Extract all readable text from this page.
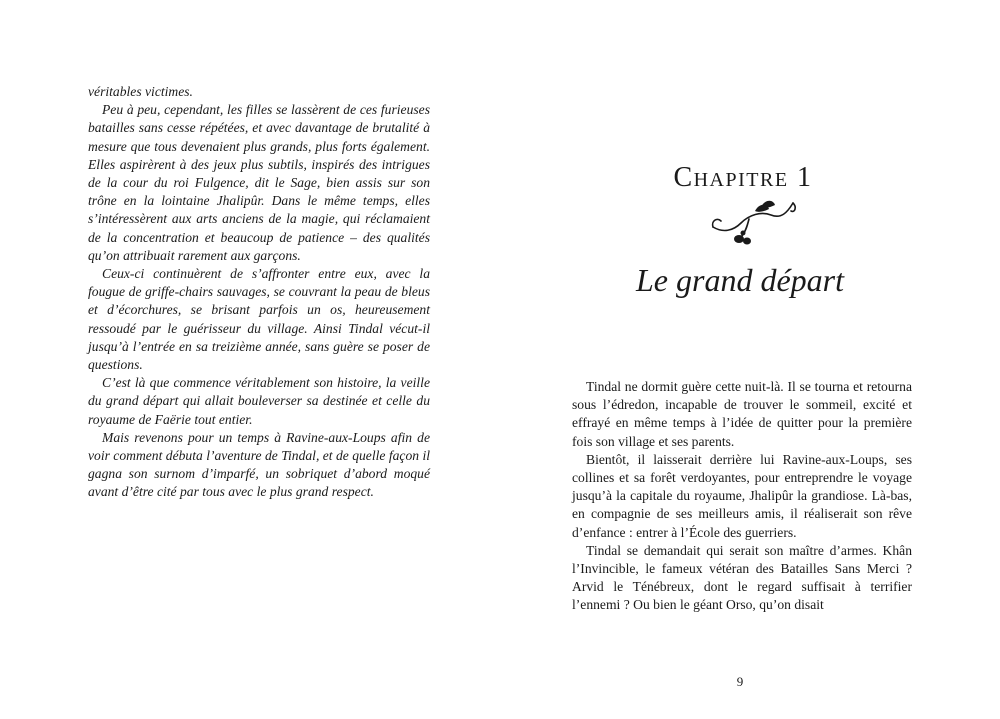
véritables victimes.

Peu à peu, cependant, les filles se lassèrent de ces furieuses batailles sans cesse répétées, et avec davantage de brutalité à mesure que tous devenaient plus grands, plus forts également. Elles aspirèrent à des jeux plus subtils, inspirés des intrigues de la cour du roi Fulgence, dit le Sage, bien assis sur son trône en la lointaine Jhalipûr. Dans le même temps, elles s’intéressèrent aux arts anciens de la magie, qui réclamaient de la concentration et beaucoup de patience – des qualités qu’on attribuait rarement aux garçons.

Ceux-ci continuèrent de s’affronter entre eux, avec la fougue de griffe-chairs sauvages, se couvrant la peau de bleus et d’écorchures, se brisant parfois un os, heureusement ressoudé par le guérisseur du village. Ainsi Tindal vécut-il jusqu’à l’entrée en sa treizième année, sans guère se poser de questions.

C’est là que commence véritablement son histoire, la veille du grand départ qui allait bouleverser sa destinée et celle du royaume de Faërie tout entier.

Mais revenons pour un temps à Ravine-aux-Loups afin de voir comment débuta l’aventure de Tindal, et de quelle façon il gagna son surnom d’imparfé, un sobriquet d’abord moqué avant d’être cité par tous avec le plus grand respect.

Chapitre 1
Le grand départ

Tindal ne dormit guère cette nuit-là. Il se tourna et retourna sous l’édredon, incapable de trouver le sommeil, excité et effrayé en même temps à l’idée de quitter pour la première fois son village et ses parents.

Bientôt, il laisserait derrière lui Ravine-aux-Loups, ses collines et sa forêt verdoyantes, pour entreprendre le voyage jusqu’à la capitale du royaume, Jhalipûr la grandiose. Là-bas, en compagnie de ses meilleurs amis, il réaliserait son rêve d’enfance : entrer à l’École des guerriers.

Tindal se demandait qui serait son maître d’armes. Khân l’Invincible, le fameux vétéran des Batailles Sans Merci ? Arvid le Ténébreux, dont le regard suffisait à terrifier l’ennemi ? Ou bien le géant Orso, qu’on disait

9
